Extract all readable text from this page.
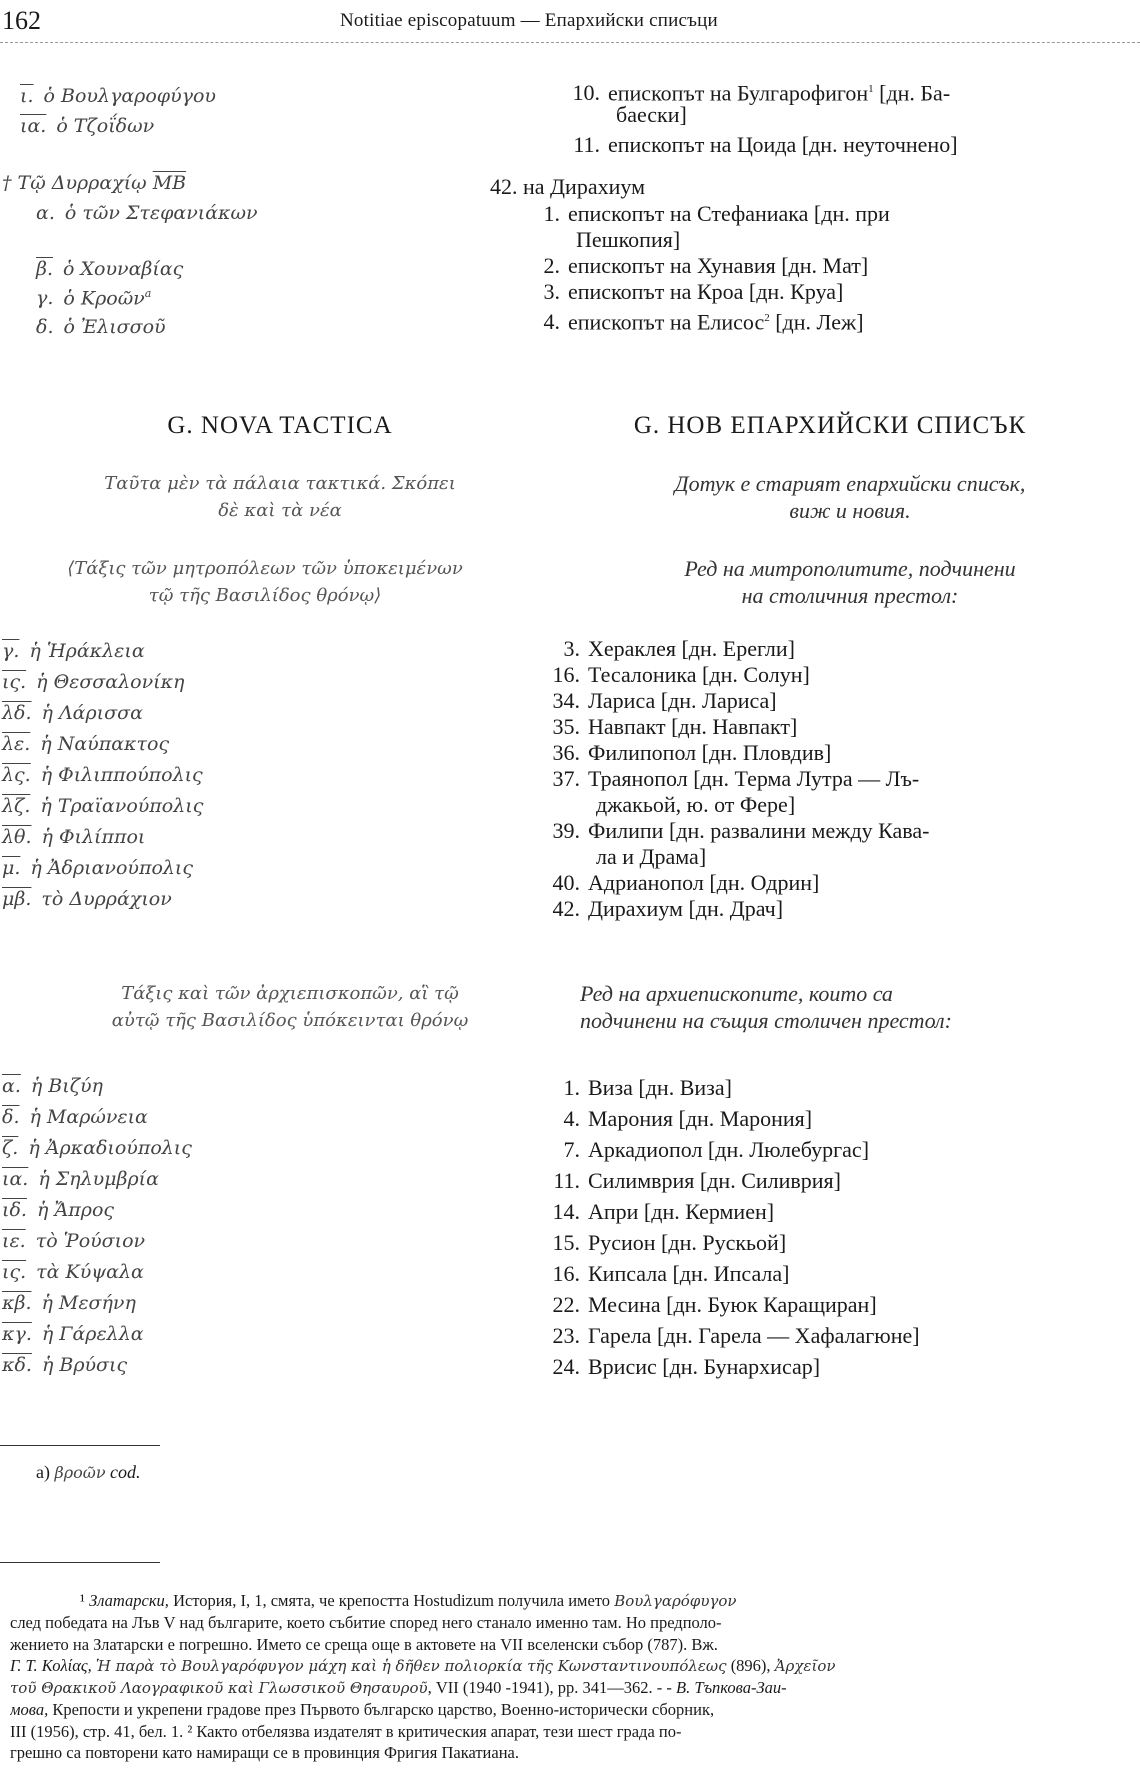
162	Notitiae episcopatuum — Епархийски списъци
ι. ὁ Βουλγαροφύγου
ια. ὁ Τζοΐδων
† Τῷ Δυρραχίῳ $\overline{MB}$
α. ὁ τῶν Στεφανιάκων
β. ὁ Χουναβίας
γ. ὁ Κροῶν$^a$
δ. ὁ Ἐλισσοῦ
γ. ἡ Ἡράκλεια
ις. ἡ Θεσσαλονίκη
λδ. ἡ Λάρισσα
λε. ἡ Ναύπακτος
λς. ἡ Φιλιππούπολις
λζ. ἡ Τραϊανούπολις
λθ. ἡ Φιλίπποι
μ. ἡ Ἀδριανούπολις
μβ. τὸ Δυρράχιον
α. ἡ Βιζύη
δ. ἡ Μαρώνεια
ζ. ἡ Ἀρκαδιούπολις
ια. ἡ Σηλυμβρία
ιδ. ἡ Ἄπρος
ιε. τὸ Ῥούσιον
ις. τὰ Κύψαλα
κβ. ἡ Μεσήνη
κγ. ἡ Γάρελλα
κδ. ἡ Βρύσις
10. епископът на Булгарофигон$^1$ [дн. Ба-
баески]
11. епископът на Цоида [дн. неуточнено]
42. на Дирахиум
1. епископът на Стефаниака [дн. при
Пешкопия]
2. епископът на Хунавия [дн. Мат]
3. епископът на Кроа [дн. Круа]
4. епископът на Елисос$^2$ [дн. Леж]
3. Хераклея [дн. Ерегли]
16. Тесалоника [дн. Солун]
34. Лариса [дн. Лариса]
35. Навпакт [дн. Навпакт]
36. Филипопол [дн. Пловдив]
37. Траянопол [дн. Терма Лутра — Лъ-
джакьой, ю. от Фере]
39. Филипи [дн. развалини между Кава-
ла и Драма]
40. Адрианопол [дн. Одрин]
42. Дирахиум [дн. Драч]
1. Виза [дн. Виза]
4. Марония [дн. Марония]
7. Аркадиопол [дн. Люлебургас]
11. Силимврия [дн. Силиврия]
14. Апри [дн. Кермиен]
15. Русион [дн. Рускьой]
16. Кипсала [дн. Ипсала]
22. Месина [дн. Буюк Каращиран]
23. Гарела [дн. Гарела — Хафалагюне]
24. Врисис [дн. Бунархисар]
G. NOVA TACTICA	G. НОВ ЕПАРХИЙСКИ СПИСЪК
Ταῦτα μὲν τὰ πάλαια τακτικά. Σκόπει
δὲ καὶ τὰ νέα
Дотук е старият епархийски списък,
виж и новия.
⟨Τάξις τῶν μητροπόλεων τῶν ὑποκειμένων
τῷ τῆς Βασιλίδος θρόνῳ⟩
Ред на митрополитите, подчинени
на столичния престол:
Τάξις καὶ τῶν ἀρχιεπισκοπῶν, αἳ τῷ
αὐτῷ τῆς Βασιλίδος ὑπόκεινται θρόνῳ
Ред на архиепископите, които са
подчинени на същия столичен престол:
a) βροῶν cod.
¹ Златарски, История, I, 1, смята, че крепостта Hostudizum получила името Βουλγαρόφυγον
след победата на Лъв V над българите, което събитие според него станало именно там. Но предполо-
жението на Златарски е погрешно. Името се среща още в актовете на VII вселенски събор (787). Вж.
Γ. Τ. Κολίας, Ἡ παρὰ τὸ Βουλγαρόφυγον μάχη καὶ ἡ δῆθεν πολιορκία τῆς Κωνσταντινουπόλεως (896), Ἀρχεῖον
τοῦ Θρακικοῦ Λαογραφικοῦ καὶ Γλωσσικοῦ Θησαυροῦ, VII (1940 -1941), pp. 341—362. - - В. Тъпкова-Заи-
мова, Крепости и укрепени градове през Първото българско царство, Военно-исторически сборник,
III (1956), стр. 41, бел. 1. ² Както отбелязва издателят в критическия апарат, тези шест града по-
грешно са повторени като намиращи се в провинция Фригия Пакатиана.
